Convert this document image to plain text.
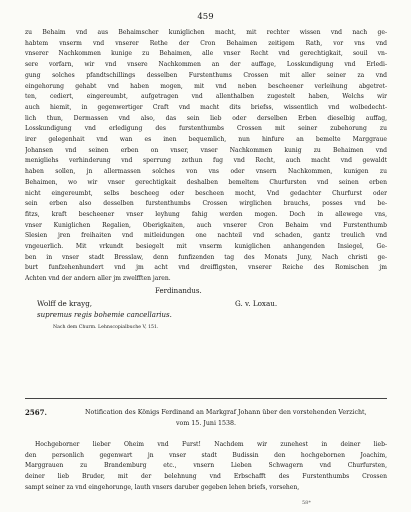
459
zu Behaim vnd aus Behaimscher kuniglichen macht, mit rechter wissen vnd nach ge-
habtem vnserm vnd vnserer Rethe der Cron Behaimen zeitigem Rath, vor vns vnd
vnserer Nachkommen kunige zu Behaimen, alle vnser Recht vnd gerechtigkait, souil vn-
sere vorfarn, wir vnd vnsere Nachkommen an der auffage, Losskundigung vnd Erledi-
gung solches pfandtschillings desselben Furstenthums Crossen mit aller seiner za vnd
eingehorung gehabt vnd haben mogen, mit vnd neben bescheener verleihung abgetret-
ten, cediert, eingereumbt, aufgetragen vnd allenthalben zugestelt haben, Welchs wir
auch hiemit, in gegenwertiger Craft vnd macht dits briefss, wissentlich vnd wolbedecht-
lich thun, Dermassen vnd also, das sein lieb oder derselben Erben dieselbig auffag,
Losskundigung vnd erledigung des furstenthumbs Crossen mit seiner zubehorung zu
irer gelegenhait vnd wan es inen bequemlich, nun hinfure an bemelte Marggraue
Johansen vnd seinen erben on vnser, vnser Nachkommen kunig zu Behaimen vnd
menigliehs verhinderung vnd sperrung zethun fug vnd Recht, auch macht vnd gewaldt
haben sollen, jn allermassen solches von vns oder vnsern Nachkommen, kunigen zu
Behaimen, wo wir vnser gerechtigkait deshalben bemeltem Churfursten vnd seinen erben
nicht eingereumbt, selbs bescheeg oder bescheen mocht, Vnd gedachter Churfurst oder
sein erben also desselben furstenthumbs Crossen wirglichen brauchs, posses vnd be-
fitzs, kraft bescheener vnser leyhung fahig werden mogen. Doch in allewege vns,
vnser Kuniglichen Regalien, Oberigkaiten, auch vnserer Cron Behaim vnd Furstenthumb
Slesien jren freihaiten vnd mitleidungen one nachteil vnd schaden, gantz treulich vnd
vngeuerlich. Mit vrkundt besiegelt mit vnserm kuniglichen anhangenden Insiegel, Ge-
ben in vnser stadt Bresslaw, denn funfizenden tag des Monats Juny, Nach christi ge-
burt funfzehenhundert vnd jm acht vnd dreiffigsten, vnserer Reiche des Romischen jm
Achten vnd der andern aller jm zwelfften jaren.
Ferdinandus.
Wolff de krayg,	G. v. Loxau.
supremus regis bohemie cancellarius.
Nach dem Churm. Lehnscopialbuche V, 151.
2567.	Notification des Königs Ferdinand an Markgraf Johann über den vorstehenden Verzicht,
vom 15. Juni 1538.
Hochgeborner lieber Oheim vnd Furst! Nachdem wir zunehest in deiner lieb-
den personlich gegenwart jn vnser stadt Budissin den hochgebornen Joachim,
Marggrauen zu Brandemburg etc., vnsern Lieben Schwagern vnd Churfursten,
deiner lieb Bruder, mit der belehnung vnd Erbschafft des Furstenthumbs Crossen
sampt seiner za vnd eingehorunge, lauth vnsers daruber gegeben lehen briefs, vorsehen,
58*
